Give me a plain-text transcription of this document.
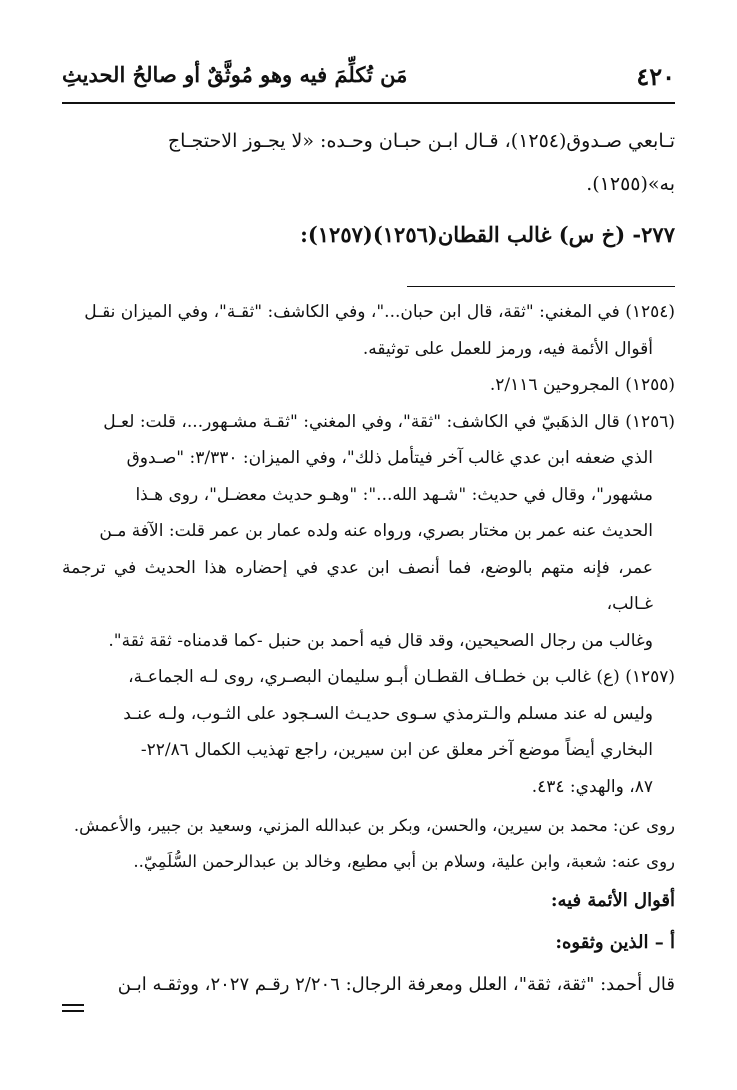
٤٢٠
مَن تُكلِّمَ فيه وهو مُوثَّقٌ أو صالحُ الحديثِ

تـابعي صـدوق(١٢٥٤)، قـال ابـن حبـان وحـده: «لا يجـوز الاحتجـاج

به»(١٢٥٥).

٢٧٧- (خ س) غالب القطان(١٢٥٦)(١٢٥٧):

(١٢٥٤) في المغني: "ثقة، قال ابن حبان..."، وفي الكاشف: "ثقـة"، وفي الميزان نقـل

أقوال الأئمة فيه، ورمز للعمل على توثيقه.

(١٢٥٥) المجروحين ٢/١١٦.

(١٢٥٦) قال الذهَبيّ في الكاشف: "ثقة"، وفي المغني: "ثقـة مشـهور...، قلت: لعـل

الذي ضعفه ابن عدي غالب آخر فيتأمل ذلك"، وفي الميزان: ٣/٣٣٠: "صـدوق

مشهور"، وقال في حديث: "شـهد الله...": "وهـو حديث معضـل"، روى هـذا

الحديث عنه عمر بن مختار بصري، ورواه عنه ولده عمار بن عمر قلت: الآفة مـن

عمر، فإنه متهم بالوضع، فما أنصف ابن عدي في إحضاره هذا الحديث في ترجمة غـالب،

وغالب من رجال الصحيحين، وقد قال فيه أحمد بن حنبل -كما قدمناه- ثقة ثقة".

(١٢٥٧) (ع) غالب بن خطـاف القطـان أبـو سليمان البصـري، روى لـه الجماعـة،

وليس له عند مسلم والـترمذي سـوى حديـث السـجود على الثـوب، ولـه عنـد

البخاري أيضاً موضع آخر معلق عن ابن سيرين، راجع تهذيب الكمال ٢٢/٨٦-

٨٧، والهدي: ٤٣٤.

روى عن: محمد بن سيرين، والحسن، وبكر بن عبدالله المزني، وسعيد بن جبير، والأعمش.

روى عنه: شعبة، وابن علية، وسلام بن أبي مطيع، وخالد بن عبدالرحمن السُّلَمِيّ..

أقوال الأئمة فيه:

أ – الذين وثقوه:

قال أحمد: "ثقة، ثقة"، العلل ومعرفة الرجال: ٢/٢٠٦ رقـم ٢٠٢٧، ووثقـه ابـن
